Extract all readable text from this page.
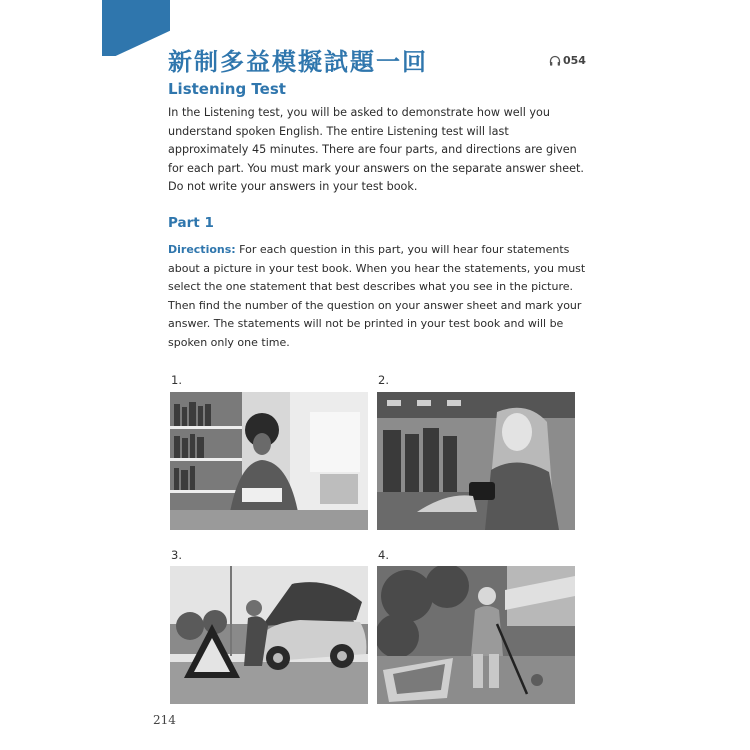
新制多益模擬試題一回	054
Listening Test

In the Listening test, you will be asked to demonstrate how well you understand spoken English. The entire Listening test will last approximately 45 minutes. There are four parts, and directions are given for each part. You must mark your answers on the separate answer sheet. Do not write your answers in your test book.

Part 1

Directions: For each question in this part, you will hear four statements about a picture in your test book. When you hear the statements, you must select the one statement that best describes what you see in the picture. Then find the number of the question on your answer sheet and mark your answer. The statements will not be printed in your test book and will be spoken only one time.

1.	2.
3.	4.
214
